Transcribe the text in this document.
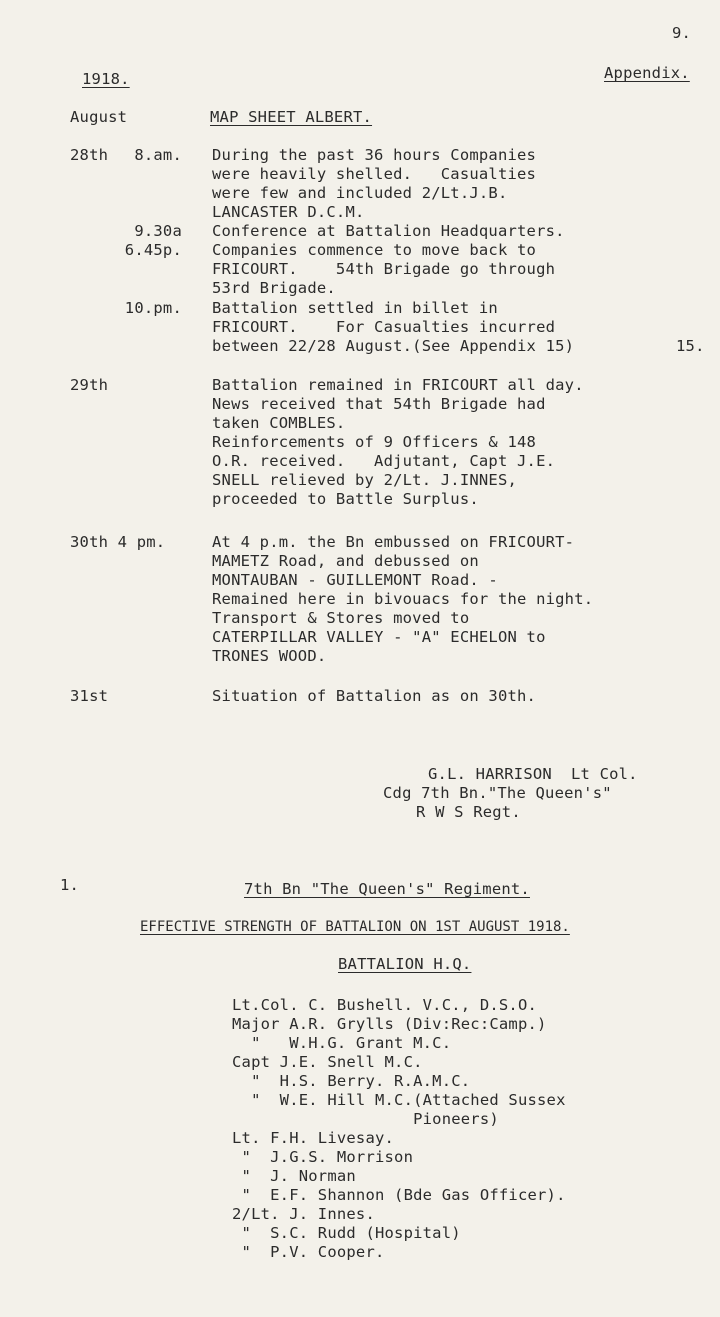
9.
1918.	Appendix.
August	MAP SHEET ALBERT.
28th	8.am. During the past 36 hours Companies
were heavily shelled.   Casualties
were few and included 2/Lt.J.B.
LANCASTER D.C.M.
9.30a Conference at Battalion Headquarters.
6.45p. Companies commence to move back to
FRICOURT.    54th Brigade go through
53rd Brigade.
10.pm. Battalion settled in billet in
FRICOURT.    For Casualties incurred
between 22/28 August.(See Appendix 15)	15.
29th	Battalion remained in FRICOURT all day.
News received that 54th Brigade had
taken COMBLES.
Reinforcements of 9 Officers & 148
O.R. received.   Adjutant, Capt J.E.
SNELL relieved by 2/Lt. J.INNES,
proceeded to Battle Surplus.
30th 4 pm.	At 4 p.m. the Bn embussed on FRICOURT-
MAMETZ Road, and debussed on
MONTAUBAN - GUILLEMONT Road. -
Remained here in bivouacs for the night.
Transport & Stores moved to
CATERPILLAR VALLEY - "A" ECHELON to
TRONES WOOD.
31st	Situation of Battalion as on 30th.
G.L. HARRISON  Lt Col.
Cdg 7th Bn."The Queen's"
R W S Regt.
1.	7th Bn "The Queen's" Regiment.
EFFECTIVE STRENGTH OF BATTALION ON 1ST AUGUST 1918.
BATTALION H.Q.
Lt.Col. C. Bushell. V.C., D.S.O.
Major A.R. Grylls (Div:Rec:Camp.)
"   W.H.G. Grant M.C.
Capt J.E. Snell M.C.
"  H.S. Berry. R.A.M.C.
"  W.E. Hill M.C.(Attached Sussex
Pioneers)
Lt. F.H. Livesay.
"  J.G.S. Morrison
"  J. Norman
"  E.F. Shannon (Bde Gas Officer).
2/Lt. J. Innes.
"  S.C. Rudd (Hospital)
"  P.V. Cooper.
